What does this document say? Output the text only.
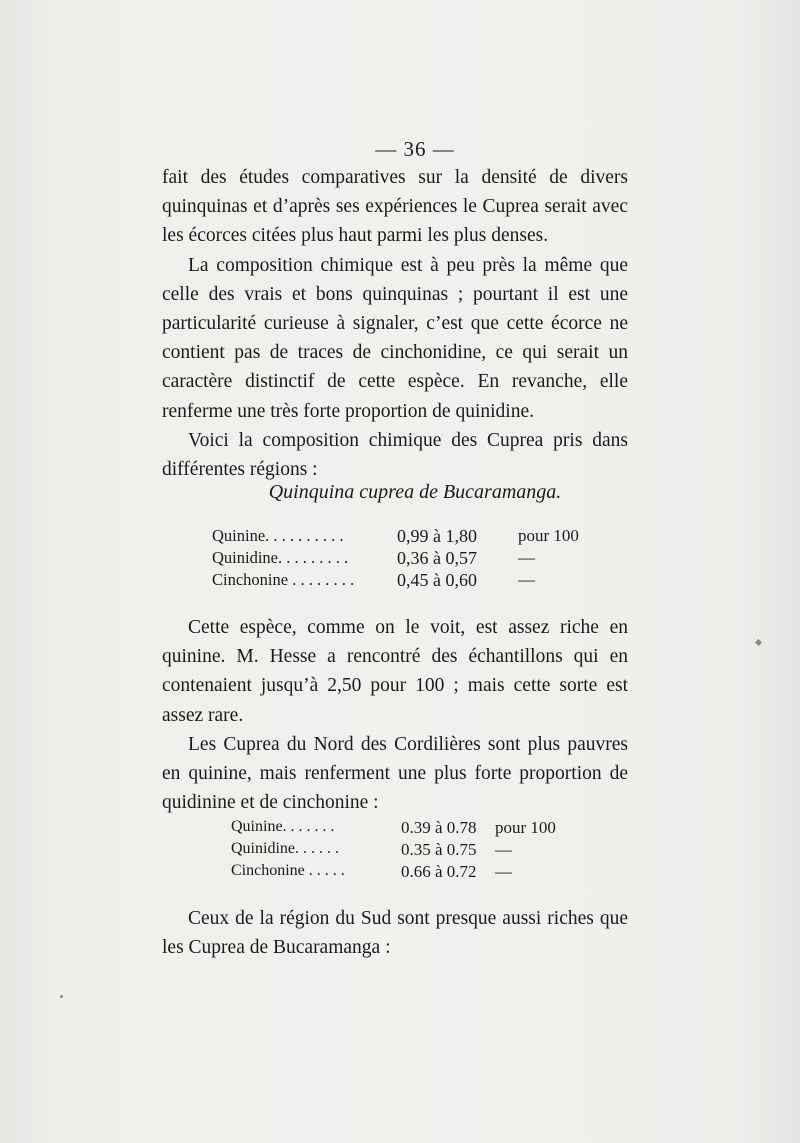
— 36 —

fait des études comparatives sur la densité de divers quinquinas et d’après ses expériences le Cuprea serait avec les écorces citées plus haut parmi les plus denses.

La composition chimique est à peu près la même que celle des vrais et bons quinquinas ; pourtant il est une particularité curieuse à signaler, c’est que cette écorce ne contient pas de traces de cinchonidine, ce qui serait un caractère distinctif de cette espèce. En revanche, elle renferme une très forte proportion de quinidine.

Voici la composition chimique des Cuprea pris dans différentes régions :

Quinquina cuprea de Bucaramanga.
Quinine. . . . . . . . . .	0,99 à 1,80 pour 100
Quinidine. . . . . . . . .	0,36 à 0,57 —
Cinchonine . . . . . . . . 0,45 à 0,60 —

Cette espèce, comme on le voit, est assez riche en quinine. M. Hesse a rencontré des échantillons qui en contenaient jusqu’à 2,50 pour 100 ; mais cette sorte est assez rare.

Les Cuprea du Nord des Cordilières sont plus pauvres en quinine, mais renferment une plus forte proportion de quidinine et de cinchonine :

Quinine. . . . . . .	0.39 à 0.78 pour 100
Quinidine. . . . . .	0.35 à 0.75 —
Cinchonine . . . . .	0.66 à 0.72 —

Ceux de la région du Sud sont presque aussi riches que les Cuprea de Bucaramanga :
